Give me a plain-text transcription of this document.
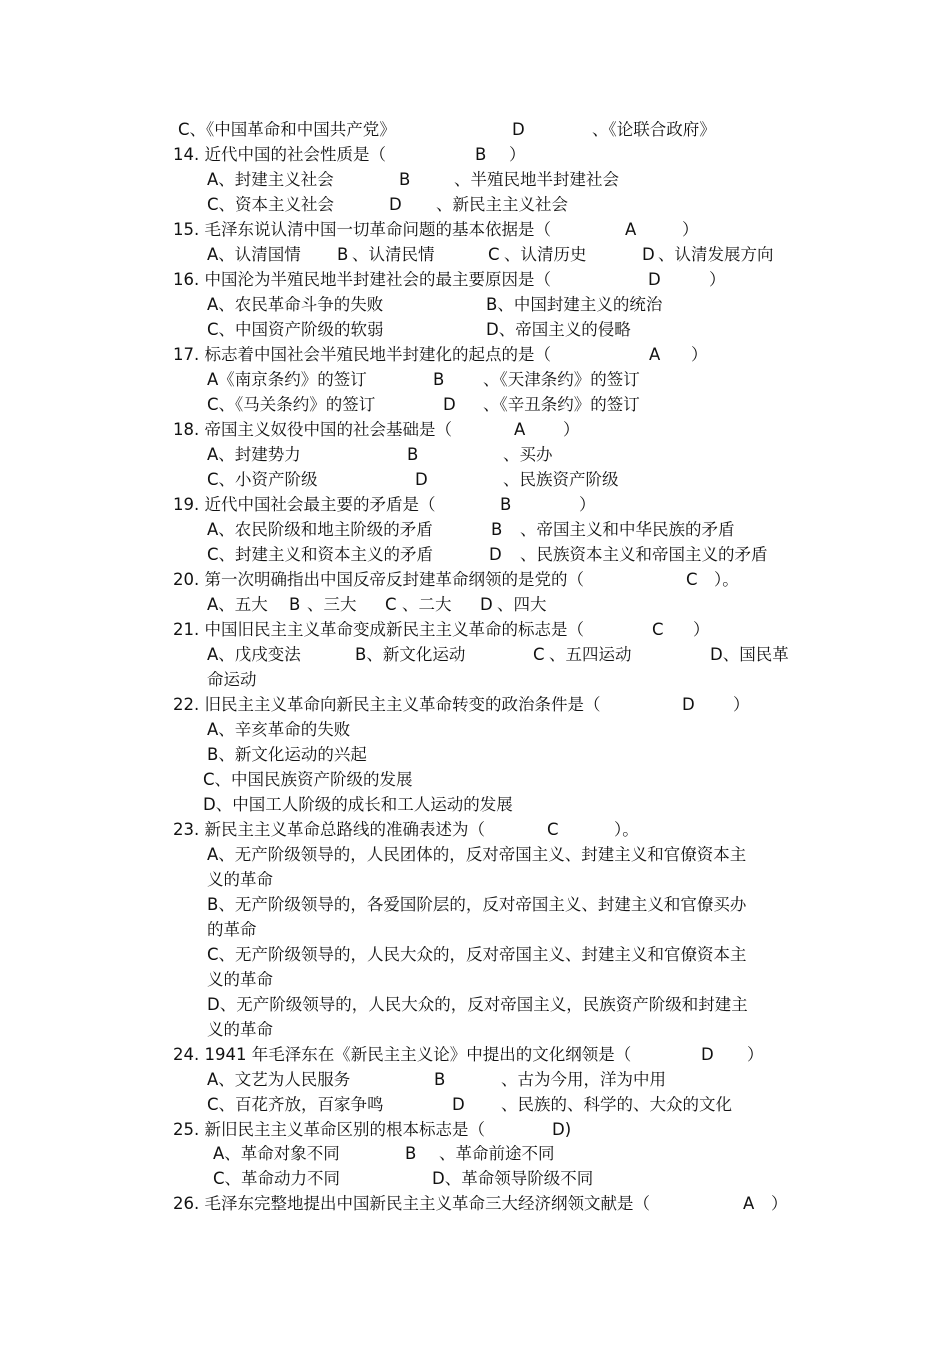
C、《中国革命和中国共产党》

	D

	、《论联合政府》

14. 近代中国的社会性质是（

	B

）

A、封建主义社会

	B

	、半殖民地半封建社会

C、资本主义社会

	D

、新民主主义社会

15. 毛泽东说认清中国一切革命问题的基本依据是（

	A

	）

A、认清国情

B

、认清民情

	C

、认清历史

	D

、认清发展方向

16. 中国沦为半殖民地半封建社会的最主要原因是（

	D

	）

A、农民革命斗争的失败

	B、中国封建主义的统治

C、中国资产阶级的软弱

	D、帝国主义的侵略

17. 标志着中国社会半殖民地半封建化的起点的是（

	A

）

A《南京条约》的签订

	B

、《天津条约》的签订

C、《马关条约》的签订

	D

、《辛丑条约》的签订

18. 帝国主义奴役中国的社会基础是（

	A

）

A、封建势力

	B

	、买办

C、小资产阶级

	D

	、民族资产阶级

19. 近代中国社会最主要的矛盾是（

	B

	）

A、农民阶级和地主阶级的矛盾

	B

、帝国主义和中华民族的矛盾

C、封建主义和资本主义的矛盾

	D

、民族资本主义和帝国主义的矛盾

20. 第一次明确指出中国反帝反封建革命纲领的是党的（

	C

）。

A、五大

B

、三大

C

、二大

D

、四大

21. 中国旧民主主义革命变成新民主主义革命的标志是（

	C

）

A、戊戌变法

	B、新文化运动

	C

、五四运动

	D、国民革

命运动

22. 旧民主主义革命向新民主主义革命转变的政治条件是（

	D

）

A、辛亥革命的失败

B、新文化运动的兴起

C、中国民族资产阶级的发展

D、中国工人阶级的成长和工人运动的发展

23. 新民主主义革命总路线的准确表述为（

	C

	）。

A、无产阶级领导的，人民团体的，反对帝国主义、封建主义和官僚资本主

义的革命

B、无产阶级领导的，各爱国阶层的，反对帝国主义、封建主义和官僚买办

的革命

C、无产阶级领导的，人民大众的，反对帝国主义、封建主义和官僚资本主

义的革命

D、无产阶级领导的，人民大众的，反对帝国主义，民族资产阶级和封建主

义的革命

24. 1941 年毛泽东在《新民主主义论》中提出的文化纲领是（

	D

）

A、文艺为人民服务

	B

	、古为今用，洋为中用

C、百花齐放，百家争鸣

	D

、民族的、科学的、大众的文化

25. 新旧民主主义革命区别的根本标志是（

	D)

A、革命对象不同

	B

、革命前途不同

C、革命动力不同

	D、革命领导阶级不同

26. 毛泽东完整地提出中国新民主主义革命三大经济纲领文献是（

	A

）
